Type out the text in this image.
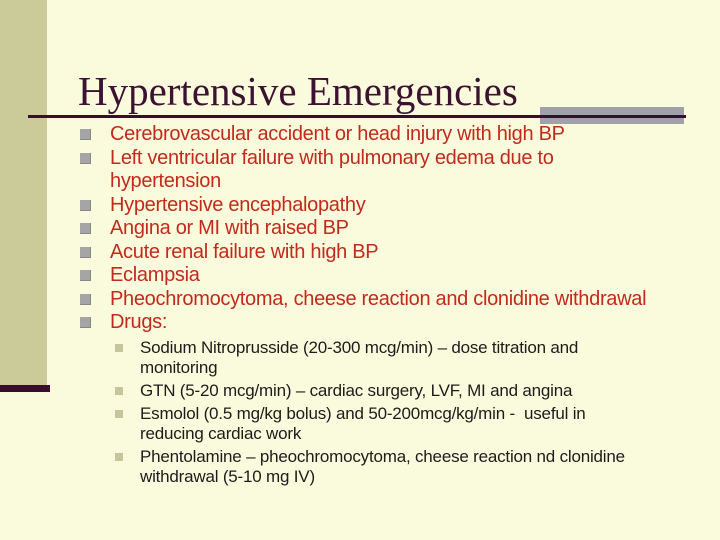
Hypertensive Emergencies
Cerebrovascular accident or head injury with high BP
Left ventricular failure with pulmonary edema due to
hypertension
Hypertensive encephalopathy
Angina or MI with raised BP
Acute renal failure with high BP
Eclampsia
Pheochromocytoma, cheese reaction and clonidine withdrawal
Drugs:
Sodium Nitroprusside (20-300 mcg/min) – dose titration and
monitoring
GTN (5-20 mcg/min) – cardiac surgery, LVF, MI and angina
Esmolol (0.5 mg/kg bolus) and 50-200mcg/kg/min -  useful in
reducing cardiac work
Phentolamine – pheochromocytoma, cheese reaction nd clonidine
withdrawal (5-10 mg IV)
